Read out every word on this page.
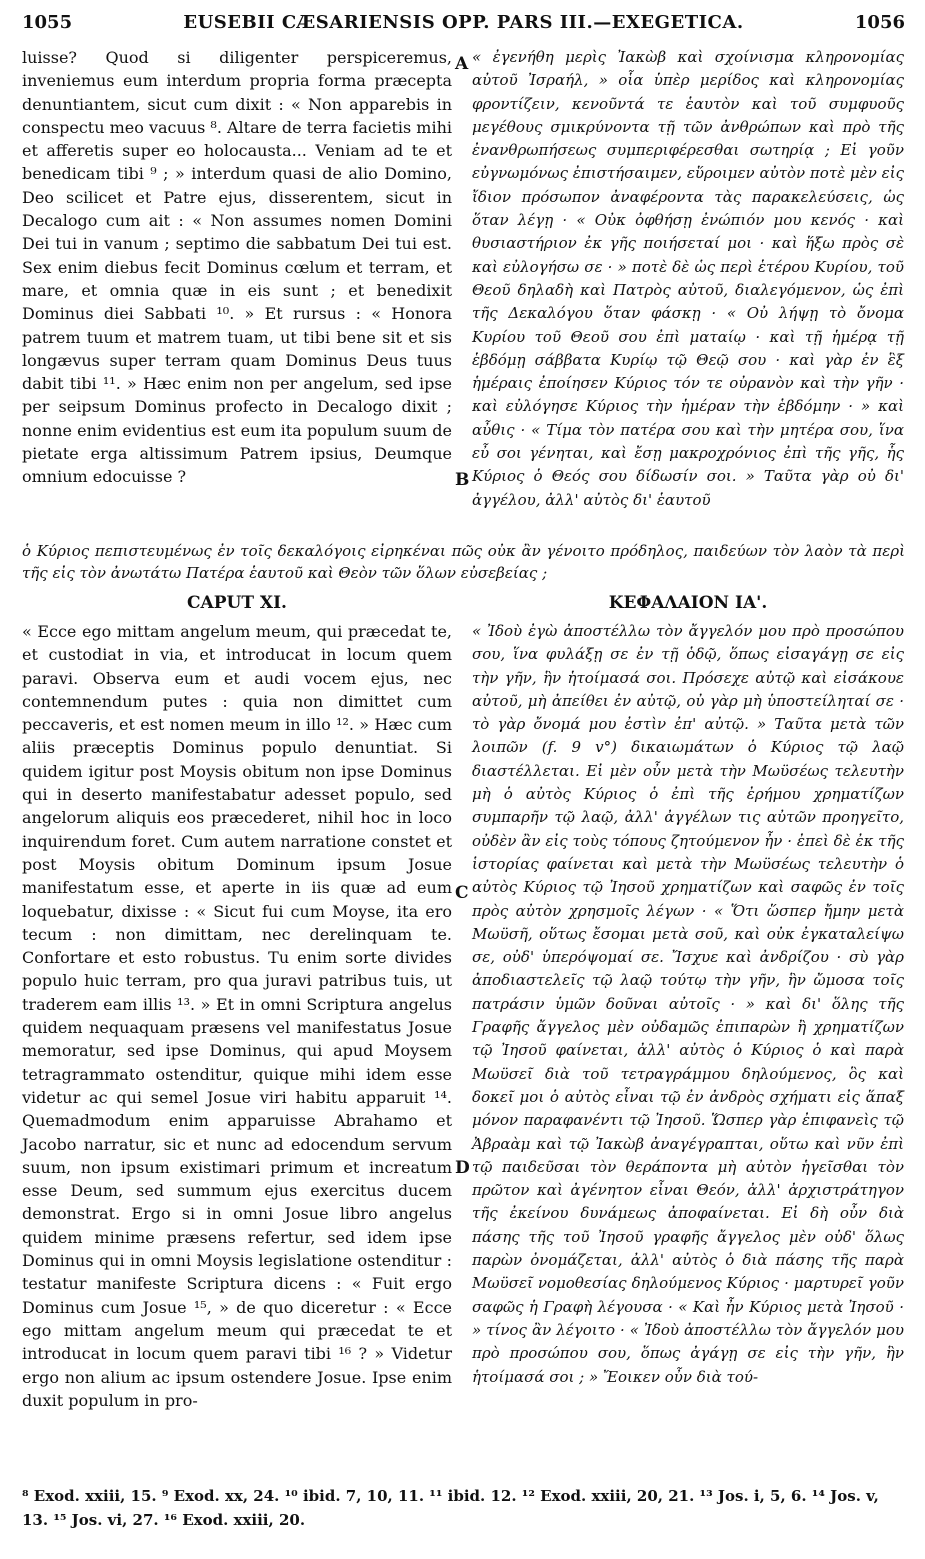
1055	EUSEBII CÆSARIENSIS OPP. PARS III.—EXEGETICA.	1056
luisse? Quod si diligenter perspiceremus, inveniemus eum interdum propria forma præcepta denuntiantem, sicut cum dixit : « Non apparebis in conspectu meo vacuus ⁸. Altare de terra facietis mihi et afferetis super eo holocausta... Veniam ad te et benedicam tibi ⁹ ; » interdum quasi de alio Domino, Deo scilicet et Patre ejus, disserentem, sicut in Decalogo cum ait : « Non assumes nomen Domini Dei tui in vanum ; septimo die sabbatum Dei tui est. Sex enim diebus fecit Dominus cœlum et terram, et mare, et omnia quæ in eis sunt ; et benedixit Dominus diei Sabbati ¹⁰. » Et rursus : « Honora patrem tuum et matrem tuam, ut tibi bene sit et sis longævus super terram quam Dominus Deus tuus dabit tibi ¹¹. » Hæc enim non per angelum, sed ipse per seipsum Dominus profecto in Decalogo dixit ; nonne enim evidentius est eum ita populum suum de pietate erga altissimum Patrem ipsius, Deumque omnium edocuisse ?
« ἐγενήθη μερὶς Ἰακὼβ καὶ σχοίνισμα κληρονομίας αὐτοῦ Ἰσραήλ, » οἷα ὑπὲρ μερίδος καὶ κληρονομίας φροντίζειν, κενοῦντά τε ἑαυτὸν καὶ τοῦ συμφυοῦς μεγέθους σμικρύνοντα τῇ τῶν ἀνθρώπων καὶ πρὸ τῆς ἐνανθρωπήσεως συμπεριφέρεσθαι σωτηρίᾳ ; Εἰ γοῦν εὐγνωμόνως ἐπιστήσαιμεν, εὕροιμεν αὐτὸν ποτὲ μὲν εἰς ἴδιον πρόσωπον ἀναφέροντα τὰς παρακελεύσεις, ὡς ὅταν λέγῃ · « Οὐκ ὀφθήσῃ ἐνώπιόν μου κενός · καὶ θυσιαστήριον ἐκ γῆς ποιήσεταί μοι · καὶ ἥξω πρὸς σὲ καὶ εὐλογήσω σε · » ποτὲ δὲ ὡς περὶ ἑτέρου Κυρίου, τοῦ Θεοῦ δηλαδὴ καὶ Πατρὸς αὐτοῦ, διαλεγόμενον, ὡς ἐπὶ τῆς Δεκαλόγου ὅταν φάσκῃ · « Οὐ λήψῃ τὸ ὄνομα Κυρίου τοῦ Θεοῦ σου ἐπὶ ματαίῳ · καὶ τῇ ἡμέρᾳ τῇ ἑβδόμῃ σάββατα Κυρίῳ τῷ Θεῷ σου · καὶ γὰρ ἐν ἓξ ἡμέραις ἐποίησεν Κύριος τόν τε οὐρανὸν καὶ τὴν γῆν · καὶ εὐλόγησε Κύριος τὴν ἡμέραν τὴν ἑβδόμην · » καὶ αὖθις · « Τίμα τὸν πατέρα σου καὶ τὴν μητέρα σου, ἵνα εὖ σοι γένηται, καὶ ἔσῃ μακροχρόνιος ἐπὶ τῆς γῆς, ἧς Κύριος ὁ Θεός σου δίδωσίν σοι. » Ταῦτα γὰρ οὐ δι' ἀγγέλου, ἀλλ' αὐτὸς δι' ἑαυτοῦ
A
B
C
D
ὁ Κύριος πεπιστευμένως ἐν τοῖς δεκαλόγοις εἰρηκέναι πῶς οὐκ ἂν γένοιτο πρόδηλος, παιδεύων τὸν λαὸν τὰ περὶ τῆς εἰς τὸν ἀνωτάτω Πατέρα ἑαυτοῦ καὶ Θεὸν τῶν ὅλων εὐσεβείας ;
CAPUT XI.	ΚΕΦΑΛΑΙΟΝ ΙΑ'.
« Ecce ego mittam angelum meum, qui præcedat te, et custodiat in via, et introducat in locum quem paravi. Observa eum et audi vocem ejus, nec contemnendum putes : quia non dimittet cum peccaveris, et est nomen meum in illo ¹². » Hæc cum aliis præceptis Dominus populo denuntiat. Si quidem igitur post Moysis obitum non ipse Dominus qui in deserto manifestabatur adesset populo, sed angelorum aliquis eos præcederet, nihil hoc in loco inquirendum foret. Cum autem narratione constet et post Moysis obitum Dominum ipsum Josue manifestatum esse, et aperte in iis quæ ad eum loquebatur, dixisse : « Sicut fui cum Moyse, ita ero tecum : non dimittam, nec derelinquam te. Confortare et esto robustus. Tu enim sorte divides populo huic terram, pro qua juravi patribus tuis, ut traderem eam illis ¹³. » Et in omni Scriptura angelus quidem nequaquam præsens vel manifestatus Josue memoratur, sed ipse Dominus, qui apud Moysem tetragrammato ostenditur, quique mihi idem esse videtur ac qui semel Josue viri habitu apparuit ¹⁴. Quemadmodum enim apparuisse Abrahamo et Jacobo narratur, sic et nunc ad edocendum servum suum, non ipsum existimari primum et increatum esse Deum, sed summum ejus exercitus ducem demonstrat. Ergo si in omni Josue libro angelus quidem minime præsens refertur, sed idem ipse Dominus qui in omni Moysis legislatione ostenditur : testatur manifeste Scriptura dicens : « Fuit ergo Dominus cum Josue ¹⁵, » de quo diceretur : « Ecce ego mittam angelum meum qui præcedat te et introducat in locum quem paravi tibi ¹⁶ ? » Videtur ergo non alium ac ipsum ostendere Josue. Ipse enim duxit populum in pro-
« Ἰδοὺ ἐγὼ ἀποστέλλω τὸν ἄγγελόν μου πρὸ προσώπου σου, ἵνα φυλάξῃ σε ἐν τῇ ὁδῷ, ὅπως εἰσαγάγῃ σε εἰς τὴν γῆν, ἣν ἡτοίμασά σοι. Πρόσεχε αὐτῷ καὶ εἰσάκουε αὐτοῦ, μὴ ἀπείθει ἐν αὐτῷ, οὐ γὰρ μὴ ὑποστείληταί σε · τὸ γὰρ ὄνομά μου ἐστὶν ἐπ' αὐτῷ. » Ταῦτα μετὰ τῶν λοιπῶν (f. 9 v°) δικαιωμάτων ὁ Κύριος τῷ λαῷ διαστέλλεται. Εἰ μὲν οὖν μετὰ τὴν Μωϋσέως τελευτὴν μὴ ὁ αὐτὸς Κύριος ὁ ἐπὶ τῆς ἐρήμου χρηματίζων συμπαρῆν τῷ λαῷ, ἀλλ' ἀγγέλων τις αὐτῶν προηγεῖτο, οὐδὲν ἂν εἰς τοὺς τόπους ζητούμενον ἦν · ἐπεὶ δὲ ἐκ τῆς ἱστορίας φαίνεται καὶ μετὰ τὴν Μωϋσέως τελευτὴν ὁ αὐτὸς Κύριος τῷ Ἰησοῦ χρηματίζων καὶ σαφῶς ἐν τοῖς πρὸς αὐτὸν χρησμοῖς λέγων · « Ὅτι ὥσπερ ἤμην μετὰ Μωϋσῆ, οὕτως ἔσομαι μετὰ σοῦ, καὶ οὐκ ἐγκαταλείψω σε, οὐδ' ὑπερόψομαί σε. Ἴσχυε καὶ ἀνδρίζου · σὺ γὰρ ἀποδιαστελεῖς τῷ λαῷ τούτῳ τὴν γῆν, ἣν ὤμοσα τοῖς πατράσιν ὑμῶν δοῦναι αὐτοῖς · » καὶ δι' ὅλης τῆς Γραφῆς ἄγγελος μὲν οὐδαμῶς ἐπιπαρὼν ἢ χρηματίζων τῷ Ἰησοῦ φαίνεται, ἀλλ' αὐτὸς ὁ Κύριος ὁ καὶ παρὰ Μωϋσεῖ διὰ τοῦ τετραγράμμου δηλούμενος, ὃς καὶ δοκεῖ μοι ὁ αὐτὸς εἶναι τῷ ἐν ἀνδρὸς σχήματι εἰς ἅπαξ μόνον παραφανέντι τῷ Ἰησοῦ. Ὥσπερ γὰρ ἐπιφανεὶς τῷ Ἀβραὰμ καὶ τῷ Ἰακὼβ ἀναγέγραπται, οὕτω καὶ νῦν ἐπὶ τῷ παιδεῦσαι τὸν θεράποντα μὴ αὐτὸν ἡγεῖσθαι τὸν πρῶτον καὶ ἀγένητον εἶναι Θεόν, ἀλλ' ἀρχιστράτηγον τῆς ἐκείνου δυνάμεως ἀποφαίνεται. Εἰ δὴ οὖν διὰ πάσης τῆς τοῦ Ἰησοῦ γραφῆς ἄγγελος μὲν οὐδ' ὅλως παρὼν ὀνομάζεται, ἀλλ' αὐτὸς ὁ διὰ πάσης τῆς παρὰ Μωϋσεῖ νομοθεσίας δηλούμενος Κύριος · μαρτυρεῖ γοῦν σαφῶς ἡ Γραφὴ λέγουσα · « Καὶ ἦν Κύριος μετὰ Ἰησοῦ · » τίνος ἂν λέγοιτο · « Ἰδοὺ ἀποστέλλω τὸν ἄγγελόν μου πρὸ προσώπου σου, ὅπως ἀγάγῃ σε εἰς τὴν γῆν, ἣν ἡτοίμασά σοι ; » Ἔοικεν οὖν διὰ τού-
⁸ Exod. xxiii, 15. ⁹ Exod. xx, 24. ¹⁰ ibid. 7, 10, 11. ¹¹ ibid. 12. ¹² Exod. xxiii, 20, 21. ¹³ Jos. i, 5, 6. ¹⁴ Jos. v, 13. ¹⁵ Jos. vi, 27. ¹⁶ Exod. xxiii, 20.
